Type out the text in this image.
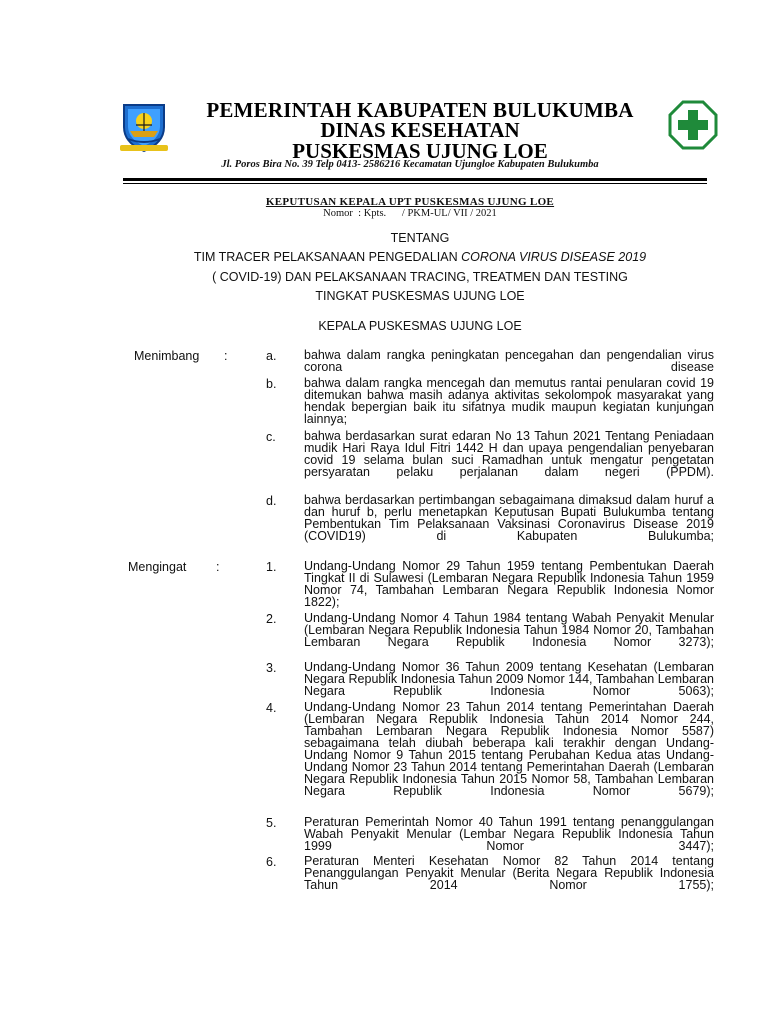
PEMERINTAH KABUPATEN BULUKUMBA
DINAS KESEHATAN
PUSKESMAS UJUNG LOE
Jl. Poros Bira No. 39 Telp 0413- 2586216 Kecamatan Ujungloe Kabupaten Bulukumba
KEPUTUSAN KEPALA UPT PUSKESMAS UJUNG LOE
Nomor  : Kpts.      / PKM-UL/ VII / 2021
TENTANG
TIM TRACER PELAKSANAAN PENGEDALIAN CORONA VIRUS DISEASE 2019
( COVID-19) DAN PELAKSANAAN TRACING, TREATMEN DAN TESTING
TINGKAT PUSKESMAS UJUNG LOE
KEPALA PUSKESMAS UJUNG LOE
Menimbang :	a. bahwa dalam rangka peningkatan pencegahan dan pengendalian virus corona disease
b. bahwa dalam rangka mencegah dan memutus rantai penularan covid 19 ditemukan bahwa masih adanya aktivitas sekolompok masyarakat yang hendak bepergian baik itu sifatnya mudik maupun kegiatan kunjungan lainnya;
c. bahwa berdasarkan surat edaran No 13 Tahun 2021 Tentang Peniadaan mudik Hari Raya Idul Fitri 1442 H dan upaya pengendalian penyebaran covid 19 selama bulan suci Ramadhan untuk mengatur pengetatan persyaratan pelaku perjalanan dalam negeri (PPDM).
d. bahwa berdasarkan pertimbangan sebagaimana dimaksud dalam huruf a dan huruf b, perlu menetapkan Keputusan Bupati Bulukumba tentang Pembentukan Tim Pelaksanaan Vaksinasi Coronavirus Disease 2019 (COVID19) di Kabupaten Bulukumba;
Mengingat :	1. Undang-Undang Nomor 29 Tahun 1959 tentang Pembentukan Daerah Tingkat II di Sulawesi (Lembaran Negara Republik Indonesia Tahun 1959 Nomor 74, Tambahan Lembaran Negara Republik Indonesia Nomor 1822);
2. Undang-Undang Nomor 4 Tahun 1984 tentang Wabah Penyakit Menular (Lembaran Negara Republik Indonesia Tahun 1984 Nomor 20, Tambahan Lembaran Negara Republik Indonesia Nomor 3273);
3. Undang-Undang Nomor 36 Tahun 2009 tentang Kesehatan (Lembaran Negara Republik Indonesia Tahun 2009 Nomor 144, Tambahan Lembaran Negara Republik Indonesia Nomor 5063);
4. Undang-Undang Nomor 23 Tahun 2014 tentang Pemerintahan Daerah (Lembaran Negara Republik Indonesia Tahun 2014 Nomor 244, Tambahan Lembaran Negara Republik Indonesia Nomor 5587) sebagaimana telah diubah beberapa kali terakhir dengan Undang- Undang Nomor 9 Tahun 2015 tentang Perubahan Kedua atas Undang-Undang Nomor 23 Tahun 2014 tentang Pemerintahan Daerah (Lembaran Negara Republik Indonesia Tahun 2015 Nomor 58, Tambahan Lembaran Negara Republik Indonesia Nomor 5679);
5. Peraturan Pemerintah Nomor 40 Tahun 1991 tentang penanggulangan Wabah Penyakit Menular (Lembar Negara Republik Indonesia Tahun 1999 Nomor 3447);
6. Peraturan Menteri Kesehatan Nomor 82 Tahun 2014 tentang Penanggulangan Penyakit Menular (Berita Negara Republik Indonesia Tahun 2014 Nomor 1755);
